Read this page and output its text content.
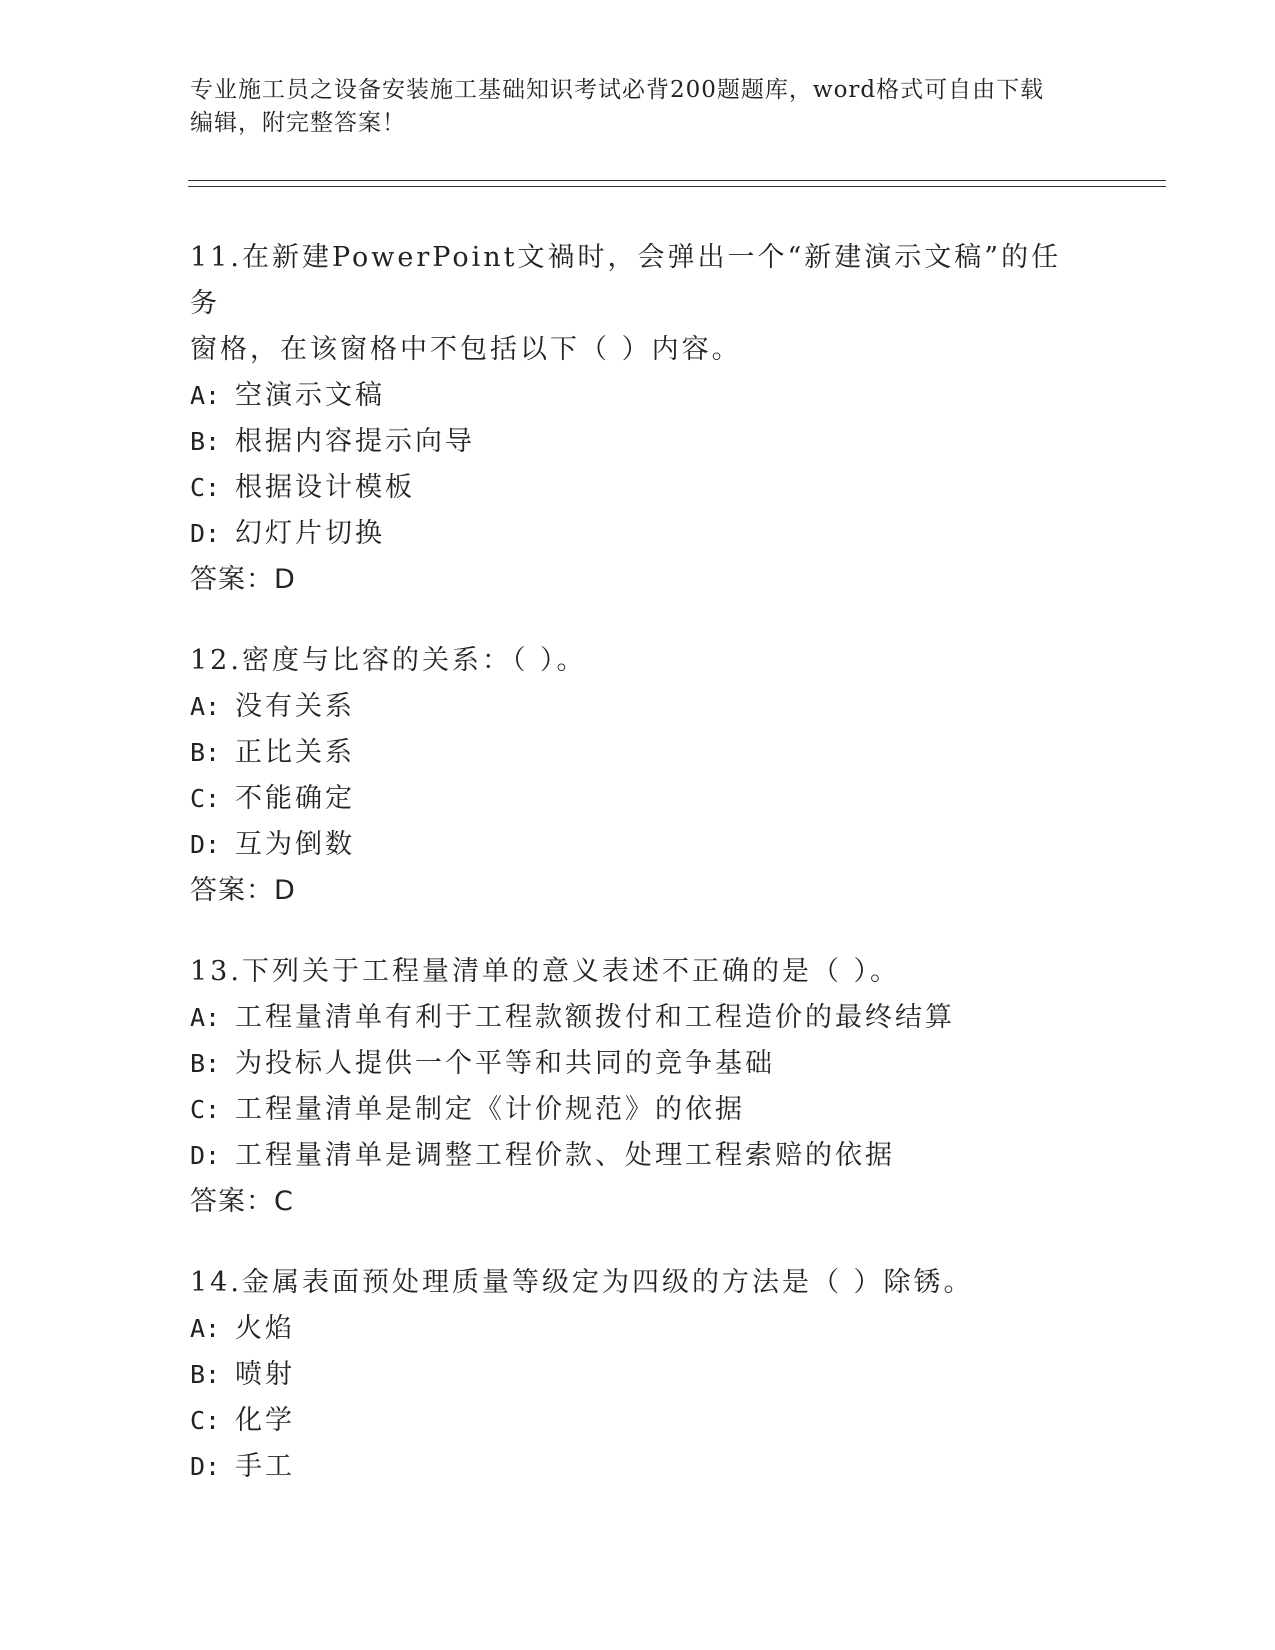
专业施工员之设备安装施工基础知识考试必背200题题库，word格式可自由下载
编辑，附完整答案！
11.在新建PowerPoint文禍时，会弹出一个“新建演示文稿”的任务
窗格，在该窗格中不包括以下（ ）内容。
A: 空演示文稿
B: 根据内容提示向导
C: 根据设计模板
D: 幻灯片切换
答案：D
12.密度与比容的关系：（ ）。
A: 没有关系
B: 正比关系
C: 不能确定
D: 互为倒数
答案：D
13.下列关于工程量清单的意义表述不正确的是（ ）。
A: 工程量清单有利于工程款额拨付和工程造价的最终结算
B: 为投标人提供一个平等和共同的竞争基础
C: 工程量清单是制定《计价规范》的依据
D: 工程量清单是调整工程价款、处理工程索赔的依据
答案：C
14.金属表面预处理质量等级定为四级的方法是（ ）除锈。
A: 火焰
B: 喷射
C: 化学
D: 手工
